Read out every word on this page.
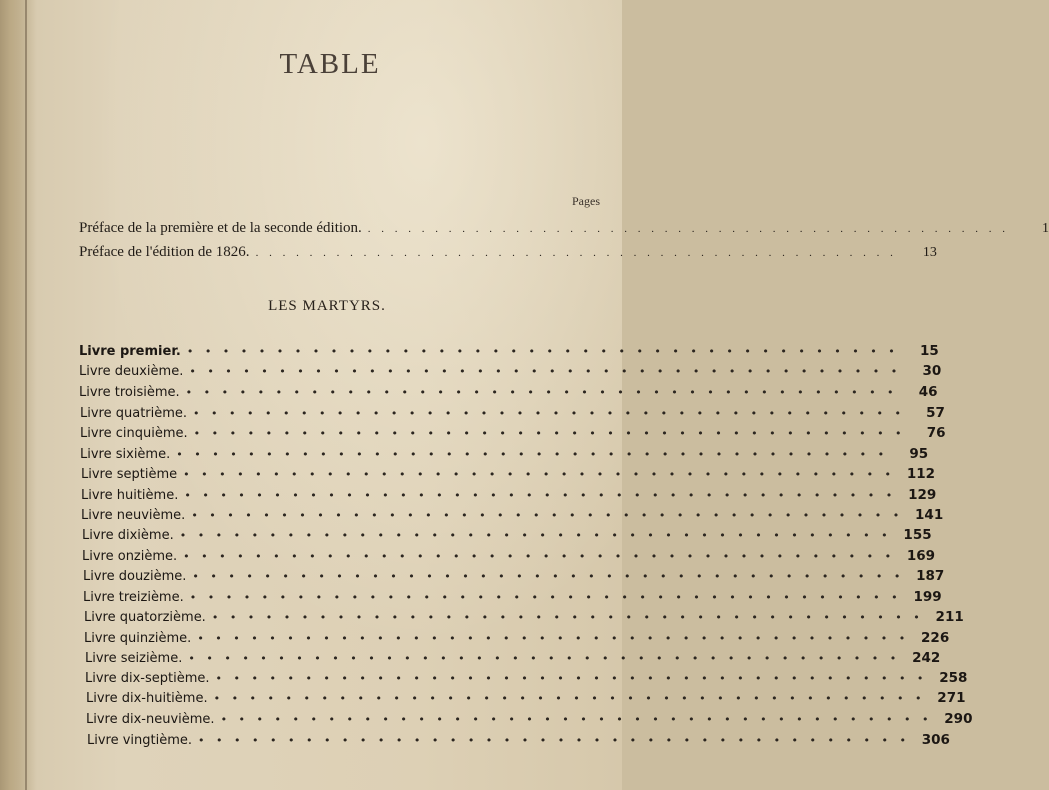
TABLE
Pages
Préface de la première et de la seconde édition. . . . . . . . . . . . . . . . . . . . . . . . . . . . . . . . . . . . . . . . . . . . . . . . .	1
Préface de l'édition de 1826. . . . . . . . . . . . . . . . . . . . . . . . . . . . . . . . . . . . . . . . . . . . . . . . .	13
LES MARTYRS.
Livre premier. • • • • • • • • • • • • • • • • • • • • • • • • • • • • • • • • • • • • • • • •	15
Livre deuxième. • • • • • • • • • • • • • • • • • • • • • • • • • • • • • • • • • • • • • • • •	30
Livre troisième. • • • • • • • • • • • • • • • • • • • • • • • • • • • • • • • • • • • • • • • •	46
Livre quatrième. • • • • • • • • • • • • • • • • • • • • • • • • • • • • • • • • • • • • • • • •	57
Livre cinquième. • • • • • • • • • • • • • • • • • • • • • • • • • • • • • • • • • • • • • • • •	76
Livre sixième. • • • • • • • • • • • • • • • • • • • • • • • • • • • • • • • • • • • • • • • •	95
Livre septième • • • • • • • • • • • • • • • • • • • • • • • • • • • • • • • • • • • • • • • • 112
Livre huitième. • • • • • • • • • • • • • • • • • • • • • • • • • • • • • • • • • • • • • • • • 129
Livre neuvième. • • • • • • • • • • • • • • • • • • • • • • • • • • • • • • • • • • • • • • • • 141
Livre dixième. • • • • • • • • • • • • • • • • • • • • • • • • • • • • • • • • • • • • • • • • 155
Livre onzième. • • • • • • • • • • • • • • • • • • • • • • • • • • • • • • • • • • • • • • • • 169
Livre douzième. • • • • • • • • • • • • • • • • • • • • • • • • • • • • • • • • • • • • • • • • 187
Livre treizième. • • • • • • • • • • • • • • • • • • • • • • • • • • • • • • • • • • • • • • • • 199
Livre quatorzième. • • • • • • • • • • • • • • • • • • • • • • • • • • • • • • • • • • • • • • • • 211
Livre quinzième. • • • • • • • • • • • • • • • • • • • • • • • • • • • • • • • • • • • • • • • • 226
Livre seizième. • • • • • • • • • • • • • • • • • • • • • • • • • • • • • • • • • • • • • • • • 242
Livre dix-septième. • • • • • • • • • • • • • • • • • • • • • • • • • • • • • • • • • • • • • • • • 258
Livre dix-huitième. • • • • • • • • • • • • • • • • • • • • • • • • • • • • • • • • • • • • • • • • 271
Livre dix-neuvième. • • • • • • • • • • • • • • • • • • • • • • • • • • • • • • • • • • • • • • • • 290
Livre vingtième. • • • • • • • • • • • • • • • • • • • • • • • • • • • • • • • • • • • • • • • • 306
